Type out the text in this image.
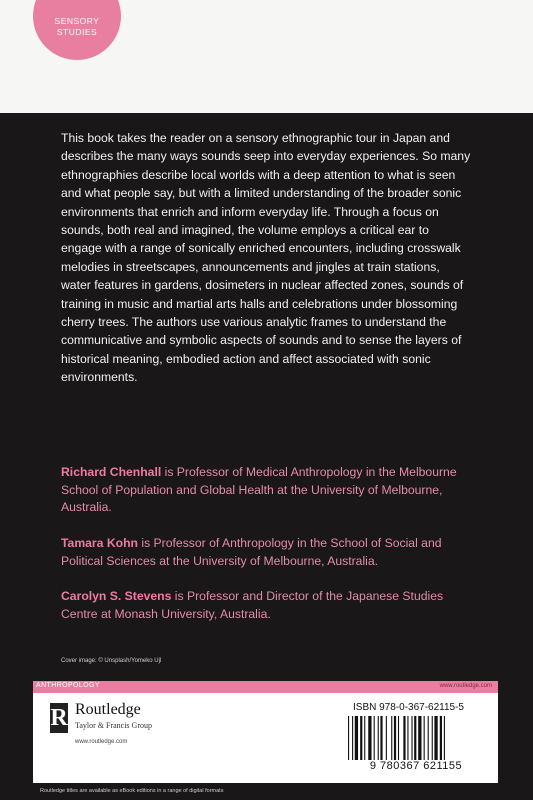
SENSORY
STUDIES

This book takes the reader on a sensory ethnographic tour in Japan and describes the many ways sounds seep into everyday experiences. So many ethnographies describe local worlds with a deep attention to what is seen and what people say, but with a limited understanding of the broader sonic environments that enrich and inform everyday life. Through a focus on sounds, both real and imagined, the volume employs a critical ear to engage with a range of sonically enriched encounters, including crosswalk melodies in streetscapes, announcements and jingles at train stations, water features in gardens, dosimeters in nuclear affected zones, sounds of training in music and martial arts halls and celebrations under blossoming cherry trees. The authors use various analytic frames to understand the communicative and symbolic aspects of sounds and to sense the layers of historical meaning, embodied action and affect associated with sonic environments.

Richard Chenhall is Professor of Medical Anthropology in the Melbourne School of Population and Global Health at the University of Melbourne, Australia.

Tamara Kohn is Professor of Anthropology in the School of Social and Political Sciences at the University of Melbourne, Australia.

Carolyn S. Stevens is Professor and Director of the Japanese Studies Centre at Monash University, Australia.

Cover image: © Unsplash/Yomeko Ujl
ANTHROPOLOGY	www.routledge.com
R Routledge
Taylor & Francis Group
www.routledge.com
ISBN 978-0-367-62115-5
9 780367 621155
Routledge titles are available as eBook editions in a range of digital formats
